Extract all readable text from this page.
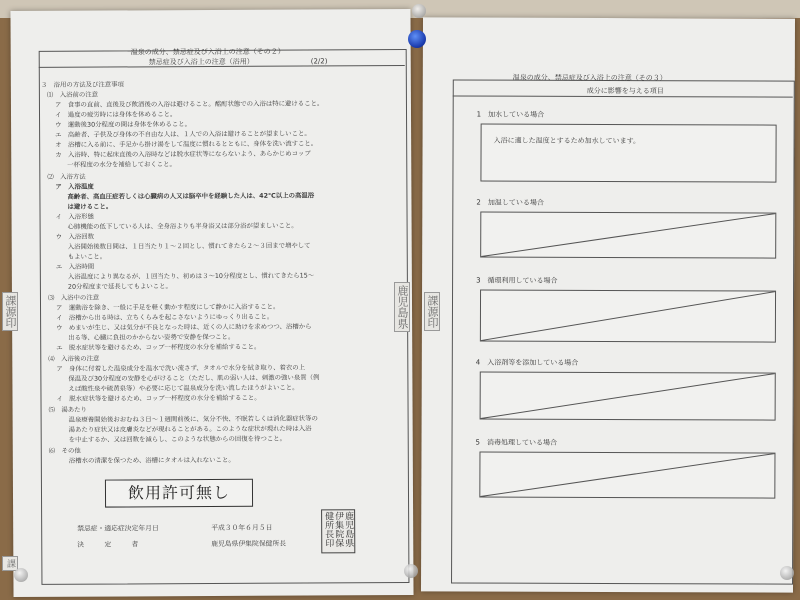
温泉の成分、禁忌症及び入浴上の注意（その２）
禁忌症及び入浴上の注意（浴用）	(2/2)
３　浴用の方法及び注意事項
⑴　入浴前の注意
ア　食事の直前、直後及び飲酒後の入浴は避けること。酩酊状態での入浴は特に避けること。
イ　過度の疲労時には身体を休めること。
ウ　運動後30分程度の間は身体を休めること。
エ　高齢者、子供及び身体の不自由な人は、１人での入浴は避けることが望ましいこと。
オ　浴槽に入る前に、手足から掛け湯をして温度に慣れるとともに、身体を洗い流すこと。
カ　入浴時、特に起床直後の入浴時などは脱水症状等にならないよう、あらかじめコップ
一杯程度の水分を補給しておくこと。
⑵　入浴方法
ア　入浴温度
高齢者、高血圧症若しくは心臓病の人又は脳卒中を経験した人は、42℃以上の高温浴
は避けること。
イ　入浴形態
心肺機能の低下している人は、全身浴よりも半身浴又は部分浴が望ましいこと。
ウ　入浴回数
入浴開始後数日間は、１日当たり１～２回とし、慣れてきたら２～３回まで増やして
もよいこと。
エ　入浴時間
入浴温度により異なるが、１回当たり、初めは３～10分程度とし、慣れてきたら15～
20分程度まで延長してもよいこと。
⑶　入浴中の注意
ア　運動浴を除き、一般に手足を軽く動かす程度にして静かに入浴すること。
イ　浴槽から出る時は、立ちくらみを起こさないようにゆっくり出ること。
ウ　めまいが生じ、又は気分が不良となった時は、近くの人に助けを求めつつ、浴槽から
出る等、心臓に負担のかからない姿勢で安静を保つこと。
エ　脱水症状等を避けるため、コップ一杯程度の水分を補給すること。
⑷　入浴後の注意
ア　身体に付着した温泉成分を温水で洗い流さず、タオルで水分を拭き取り、着衣の上
保温及び30分程度の安静を心がけること（ただし、肌の弱い人は、刺激の強い泉質（例
えば酸性泉や硫黄泉等）や必要に応じて温泉成分を洗い流したほうがよいこと。
イ　脱水症状等を避けるため、コップ一杯程度の水分を補給すること。
⑸　湯あたり
温泉療養開始後おおむね３日～１週間前後に、気分不快、不眠若しくは消化器症状等の
湯あたり症状又は皮膚炎などが現れることがある。このような症状が現れた時は入浴
を中止するか、又は回数を減らし、このような状態からの回復を待つこと。
⑹　その他
浴槽水の清潔を保つため、浴槽にタオルは入れないこと。
飲用許可無し
禁忌症・適応症決定年月日	平成３０年６月５日
決　　　定　　　者	鹿児島県伊集院保健所長	鹿児島県伊集院保健所長印
温泉の成分、禁忌症及び入浴上の注意（その３）
成分に影響を与える項目
1　 加水している場合
入浴に適した温度とするため加水しています。
2　 加温している場合
3　 循環利用している場合
4　 入浴剤等を添加している場合
5　 消毒処理している場合
課源印	鹿児島県 課源印
課
